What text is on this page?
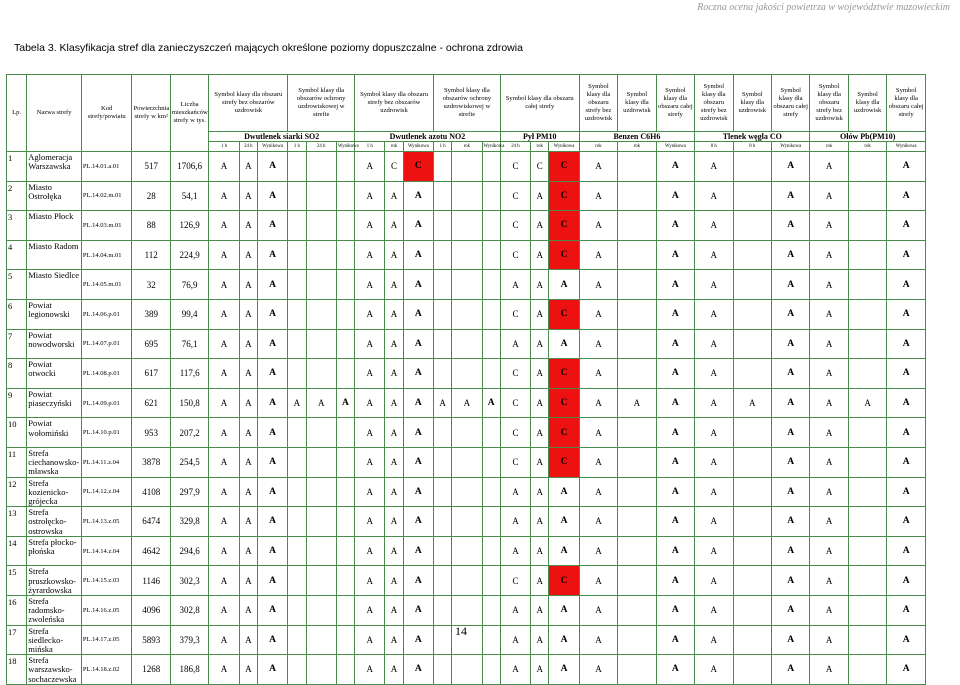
Roczna ocena jakości powietrza w województwie mazowieckim
Tabela 3. Klasyfikacja stref dla zanieczyszczeń mających określone poziomy dopuszczalne - ochrona zdrowia
Lp.	Nazwa strefy	Kod strefy/powiatu	Powierzchnia strefy w km²	Liczba mieszkańców strefy w tys.	Symbol klasy dla obszaru strefy bez obszarów uzdrowisk			Symbol klasy dla obszarów ochrony uzdrowiskowej w strefie			Symbol klasy dla obszaru strefy bez obszarów uzdrowisk			Symbol klasy dla obszarów ochrony uzdrowiskowej w strefie			Symbol klasy dla obszaru całej strefy			Symbol klasy dla obszaru strefy bez uzdrowisk	Symbol klasy dla uzdrowisk	Symbol klasy dla obszaru całej strefy	Symbol klasy dla obszaru strefy bez uzdrowisk	Symbol klasy dla uzdrowisk	Symbol klasy dla obszaru całej strefy	Symbol klasy dla obszaru strefy bez uzdrowisk	Symbol klasy dla uzdrowisk	Symbol klasy dla obszaru całej strefy
					Dwutlenek siarki SO2						Dwutlenek azotu NO2						Pył PM10			Benzen C6H6			Tlenek węgla CO			Ołów Pb(PM10)		
					1 h	24 h	Wynikowa	1 h	24 h	Wynikowa	1 h	rok	Wynikowa	1 h	rok	Wynikowa	24 h	rok	Wynikowa	rok	rok	Wynikowa	8 h	8 h	Wynikowa	rok	rok	Wynikowa
1	Aglomeracja Warszawska	PL.14.01.a.01	517	1706,6	A	A	A				A	C	C				C	C	C	A		A	A		A	A		A
2	Miasto Ostrołęka	PL.14.02.m.01	28	54,1	A	A	A				A	A	A				C	A	C	A		A	A		A	A		A
3	Miasto Płock	PL.14.03.m.01	88	126,9	A	A	A				A	A	A				C	A	C	A		A	A		A	A		A
4	Miasto Radom	PL.14.04.m.01	112	224,9	A	A	A				A	A	A				C	A	C	A		A	A		A	A		A
5	Miasto Siedlce	PL.14.05.m.01	32	76,9	A	A	A				A	A	A				A	A	A	A		A	A		A	A		A
6	Powiat legionowski	PL.14.06.p.01	389	99,4	A	A	A				A	A	A				C	A	C	A		A	A		A	A		A
7	Powiat nowodworski	PL.14.07.p.01	695	76,1	A	A	A				A	A	A				A	A	A	A		A	A		A	A		A
8	Powiat otwocki	PL.14.08.p.01	617	117,6	A	A	A				A	A	A				C	A	C	A		A	A		A	A		A
9	Powiat piaseczyński	PL.14.09.p.01	621	150,8	A	A	A	A	A	A	A	A	A	A	A	A	C	A	C	A	A	A	A	A	A	A	A	A
10	Powiat wołomiński	PL.14.10.p.01	953	207,2	A	A	A				A	A	A				C	A	C	A		A	A		A	A		A
11	Strefa ciechanowsko-mławska	PL.14.11.z.04	3878	254,5	A	A	A				A	A	A				C	A	C	A		A	A		A	A		A
12	Strefa kozienicko-grójecka	PL.14.12.z.04	4108	297,9	A	A	A				A	A	A				A	A	A	A		A	A		A	A		A
13	Strefa ostrołęcko-ostrowska	PL.14.13.z.05	6474	329,8	A	A	A				A	A	A				A	A	A	A		A	A		A	A		A
14	Strefa płocko-płońska	PL.14.14.z.04	4642	294,6	A	A	A				A	A	A				A	A	A	A		A	A		A	A		A
15	Strefa pruszkowsko-żyrardowska	PL.14.15.z.03	1146	302,3	A	A	A				A	A	A				C	A	C	A		A	A		A	A		A
16	Strefa radomsko-zwoleńska	PL.14.16.z.05	4096	302,8	A	A	A				A	A	A				A	A	A	A		A	A		A	A		A
17	Strefa siedlecko-mińska	PL.14.17.z.05	5893	379,3	A	A	A				A	A	A				A	A	A	A		A	A		A	A		A
18	Strefa warszawsko-sochaczewska	PL.14.18.z.02	1268	186,8	A	A	A				A	A	A				A	A	A	A		A	A		A	A		A
14
